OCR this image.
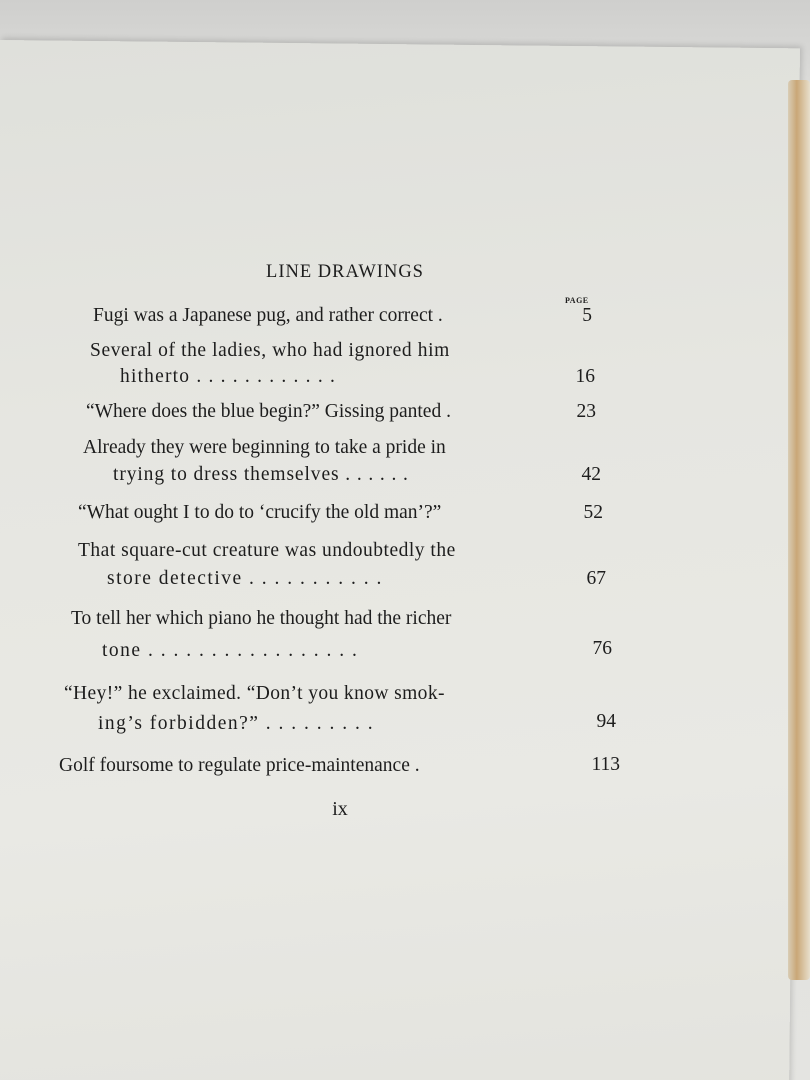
LINE DRAWINGS
PAGE
Fugi was a Japanese pug, and rather correct .	5
Several of the ladies, who had ignored him
hitherto . . . . . . . . . . . .	16
“Where does the blue begin?” Gissing panted .	23
Already they were beginning to take a pride in
trying to dress themselves . . . . . .	42
“What ought I to do to ‘crucify the old man’?”	52
That square-cut creature was undoubtedly the
store detective . . . . . . . . . . .	67
To tell her which piano he thought had the richer
tone . . . . . . . . . . . . . . . . .	76
“Hey!” he exclaimed. “Don’t you know smok-
ing’s forbidden?” . . . . . . . . .	94
Golf foursome to regulate price-maintenance .	113
ix
